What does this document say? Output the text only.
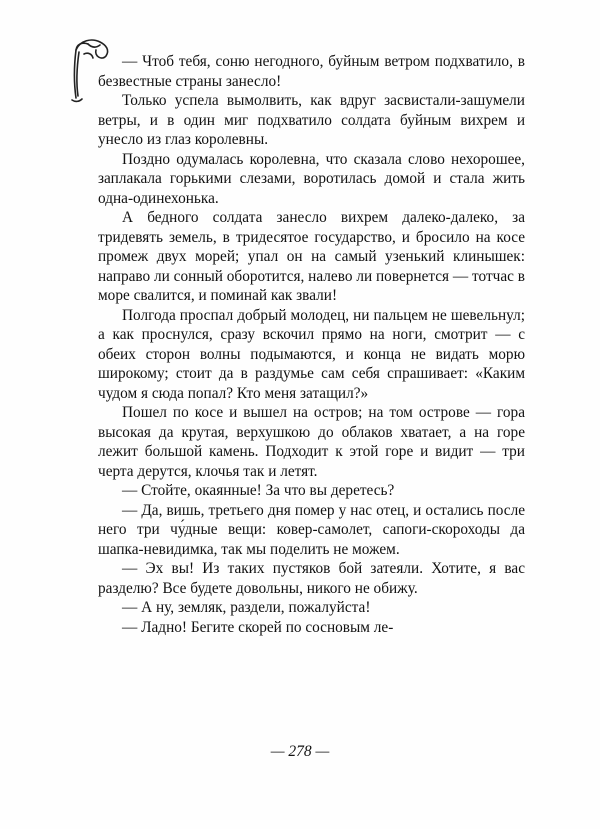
— Чтоб тебя, соню негодного, буйным ветром подхватило, в безвестные страны занесло!

Только успела вымолвить, как вдруг засвистали-зашумели ветры, и в один миг подхватило солдата буйным вихрем и унесло из глаз королевны.

Поздно одумалась королевна, что сказала слово нехорошее, заплакала горькими слезами, воротилась домой и стала жить одна-одинехонька.

А бедного солдата занесло вихрем далеко-далеко, за тридевять земель, в тридесятое государство, и бросило на косе промеж двух морей; упал он на самый узенький клинышек: направо ли сонный оборотится, налево ли повернется — тотчас в море свалится, и поминай как звали!

Полгода проспал добрый молодец, ни пальцем не шевельнул; а как проснулся, сразу вскочил прямо на ноги, смотрит — с обеих сторон волны подымаются, и конца не видать морю широкому; стоит да в раздумье сам себя спрашивает: «Каким чудом я сюда попал? Кто меня затащил?»

Пошел по косе и вышел на остров; на том острове — гора высокая да крутая, верхушкою до облаков хватает, а на горе лежит большой камень. Подходит к этой горе и видит — три черта дерутся, клочья так и летят.

— Стойте, окаянные! За что вы деретесь?

— Да, вишь, третьего дня помер у нас отец, и остались после него три чу́дные вещи: ковер-самолет, сапоги-скороходы да шапка-невидимка, так мы поделить не можем.

— Эх вы! Из таких пустяков бой затеяли. Хотите, я вас разделю? Все будете довольны, никого не обижу.

— А ну, земляк, раздели, пожалуйста!

— Ладно! Бегите скорей по сосновым ле-

— 278 —
